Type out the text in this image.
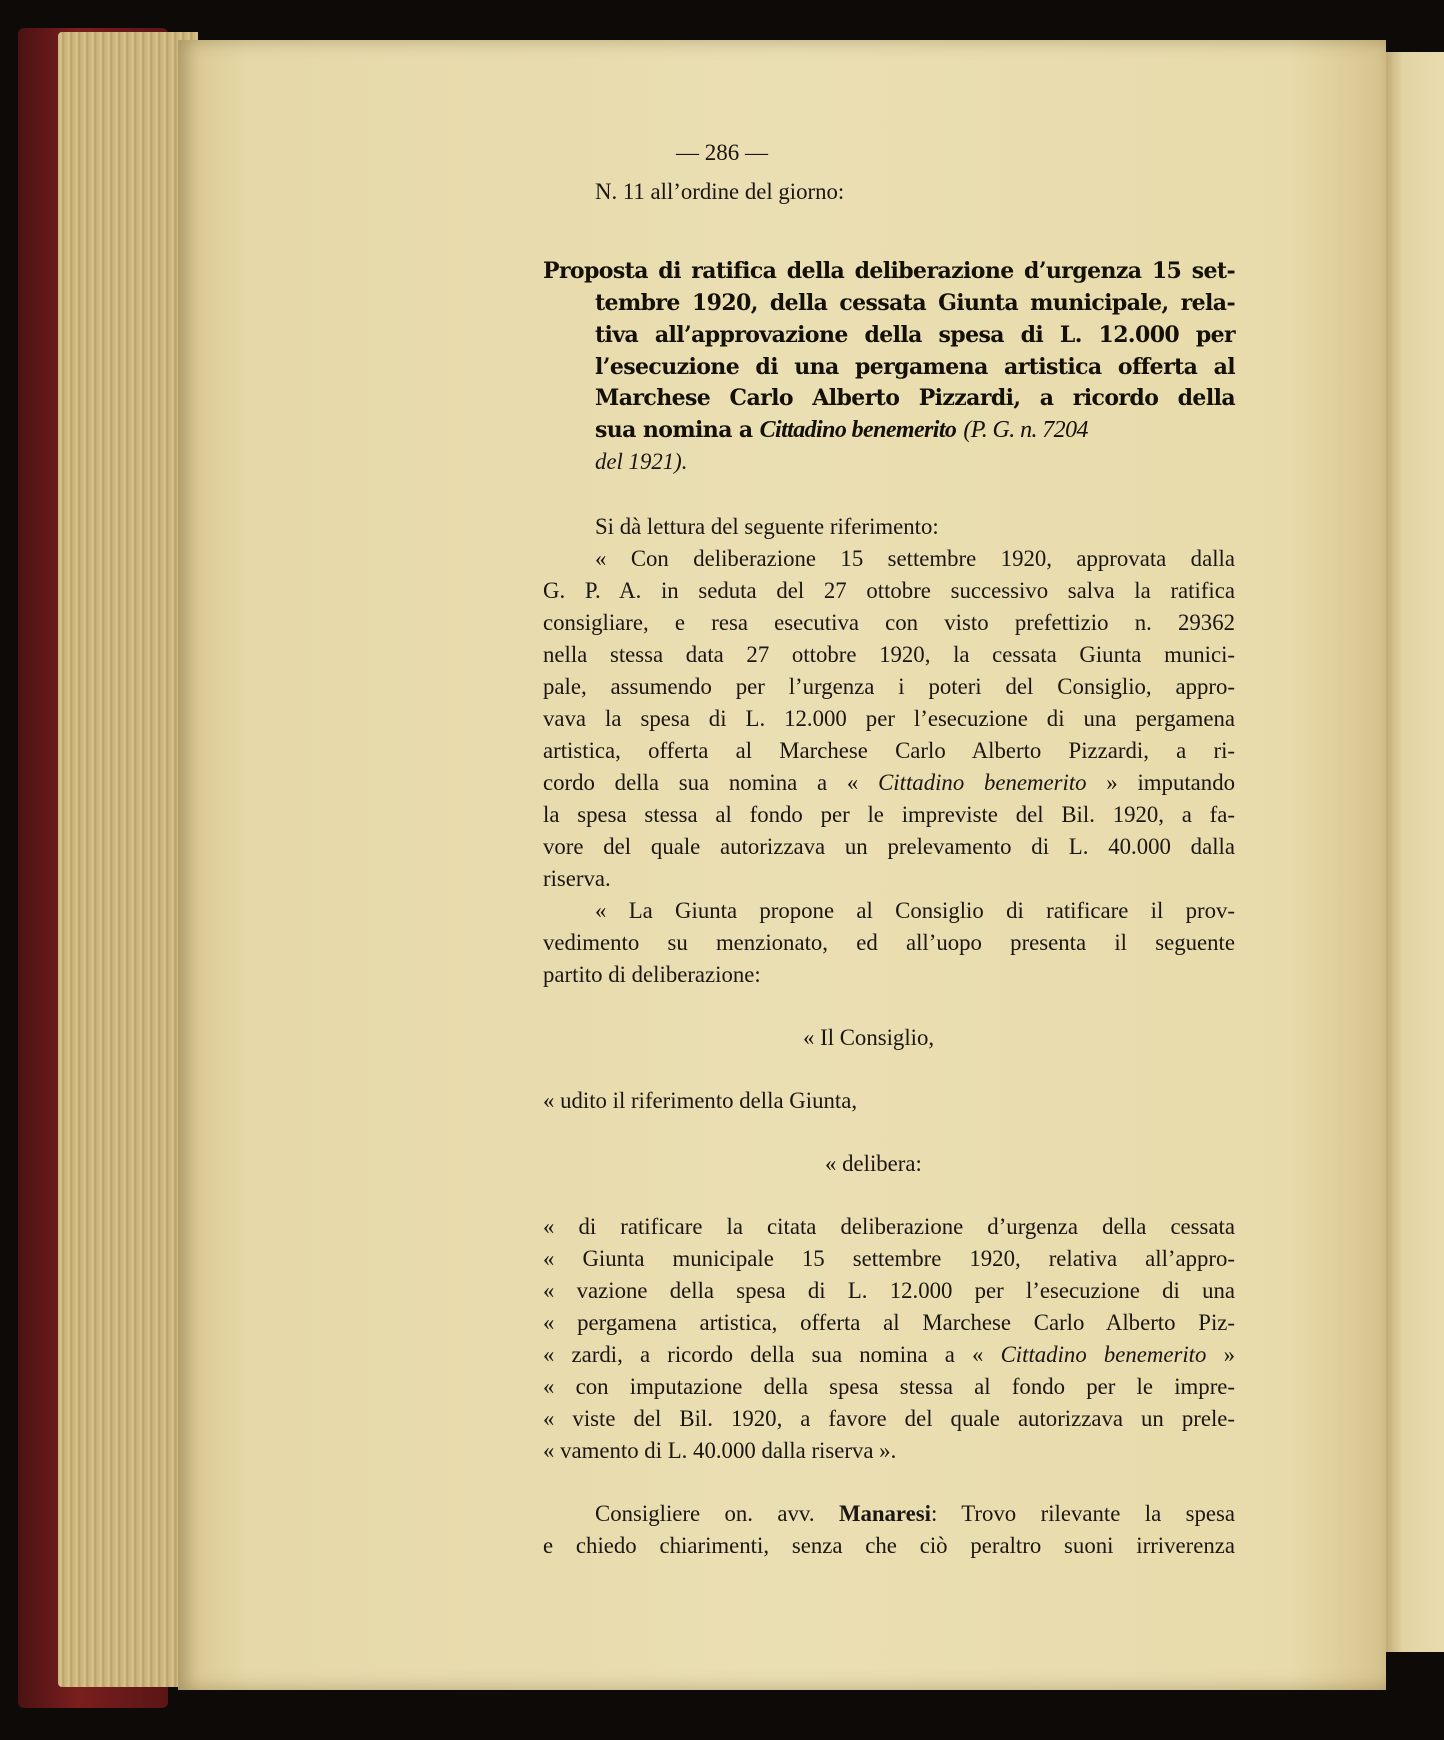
— 286 —
N. 11 all’ordine del giorno:
Proposta di ratifica della deliberazione d’urgenza 15 set-
tembre 1920, della cessata Giunta municipale, rela-
tiva all’approvazione della spesa di L. 12.000 per
l’esecuzione di una pergamena artistica offerta al
Marchese Carlo Alberto Pizzardi, a ricordo della
sua nomina a Cittadino benemerito (P. G. n. 7204
del 1921).
Si dà lettura del seguente riferimento:
« Con deliberazione 15 settembre 1920, approvata dalla
G. P. A. in seduta del 27 ottobre successivo salva la ratifica
consigliare, e resa esecutiva con visto prefettizio n. 29362
nella stessa data 27 ottobre 1920, la cessata Giunta munici-
pale, assumendo per l’urgenza i poteri del Consiglio, appro-
vava la spesa di L. 12.000 per l’esecuzione di una pergamena
artistica, offerta al Marchese Carlo Alberto Pizzardi, a ri-
cordo della sua nomina a « Cittadino benemerito » imputando
la spesa stessa al fondo per le impreviste del Bil. 1920, a fa-
vore del quale autorizzava un prelevamento di L. 40.000 dalla
riserva.
« La Giunta propone al Consiglio di ratificare il prov-
vedimento su menzionato, ed all’uopo presenta il seguente
partito di deliberazione:
« Il Consiglio,
« udito il riferimento della Giunta,
« delibera:
« di ratificare la citata deliberazione d’urgenza della cessata
« Giunta municipale 15 settembre 1920, relativa all’appro-
« vazione della spesa di L. 12.000 per l’esecuzione di una
« pergamena artistica, offerta al Marchese Carlo Alberto Piz-
« zardi, a ricordo della sua nomina a « Cittadino benemerito »
« con imputazione della spesa stessa al fondo per le impre-
« viste del Bil. 1920, a favore del quale autorizzava un prele-
« vamento di L. 40.000 dalla riserva ».
Consigliere on. avv. Manaresi: Trovo rilevante la spesa
e chiedo chiarimenti, senza che ciò peraltro suoni irriverenza
